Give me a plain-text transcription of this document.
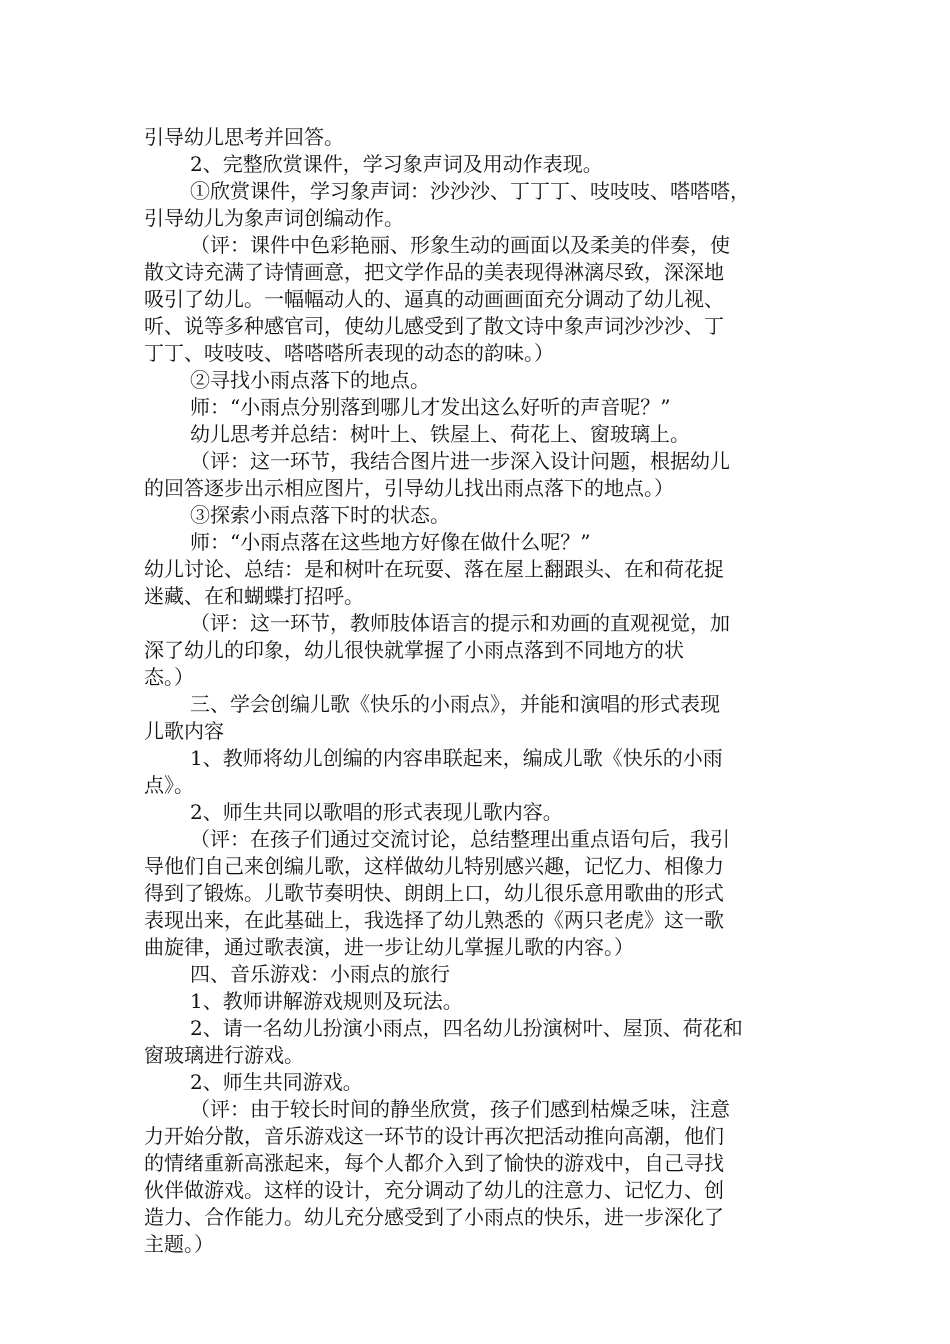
引导幼儿思考并回答。
2、完整欣赏课件，学习象声词及用动作表现。
①欣赏课件，学习象声词：沙沙沙、丁丁丁、吱吱吱、嗒嗒嗒，
引导幼儿为象声词创编动作。
（评：课件中色彩艳丽、形象生动的画面以及柔美的伴奏，使
散文诗充满了诗情画意，把文学作品的美表现得淋漓尽致，深深地
吸引了幼儿。一幅幅动人的、逼真的动画画面充分调动了幼儿视、
听、说等多种感官司，使幼儿感受到了散文诗中象声词沙沙沙、丁
丁丁、吱吱吱、嗒嗒嗒所表现的动态的韵味。）
②寻找小雨点落下的地点。
师：“小雨点分别落到哪儿才发出这么好听的声音呢？”
幼儿思考并总结：树叶上、铁屋上、荷花上、窗玻璃上。
（评：这一环节，我结合图片进一步深入设计问题，根据幼儿
的回答逐步出示相应图片，引导幼儿找出雨点落下的地点。）
③探索小雨点落下时的状态。
师：“小雨点落在这些地方好像在做什么呢？”
幼儿讨论、总结：是和树叶在玩耍、落在屋上翻跟头、在和荷花捉
迷藏、在和蝴蝶打招呼。
（评：这一环节，教师肢体语言的提示和劝画的直观视觉，加
深了幼儿的印象，幼儿很快就掌握了小雨点落到不同地方的状
态。）
三、学会创编儿歌《快乐的小雨点》，并能和演唱的形式表现
儿歌内容
1、教师将幼儿创编的内容串联起来，编成儿歌《快乐的小雨
点》。
2、师生共同以歌唱的形式表现儿歌内容。
（评：在孩子们通过交流讨论，总结整理出重点语句后，我引
导他们自己来创编儿歌，这样做幼儿特别感兴趣，记忆力、相像力
得到了锻炼。儿歌节奏明快、朗朗上口，幼儿很乐意用歌曲的形式
表现出来，在此基础上，我选择了幼儿熟悉的《两只老虎》这一歌
曲旋律，通过歌表演，进一步让幼儿掌握儿歌的内容。）
四、音乐游戏：小雨点的旅行
1、教师讲解游戏规则及玩法。
2、请一名幼儿扮演小雨点，四名幼儿扮演树叶、屋顶、荷花和
窗玻璃进行游戏。
2、师生共同游戏。
（评：由于较长时间的静坐欣赏，孩子们感到枯燥乏味，注意
力开始分散，音乐游戏这一环节的设计再次把活动推向高潮，他们
的情绪重新高涨起来，每个人都介入到了愉快的游戏中，自己寻找
伙伴做游戏。这样的设计，充分调动了幼儿的注意力、记忆力、创
造力、合作能力。幼儿充分感受到了小雨点的快乐，进一步深化了
主题。）
